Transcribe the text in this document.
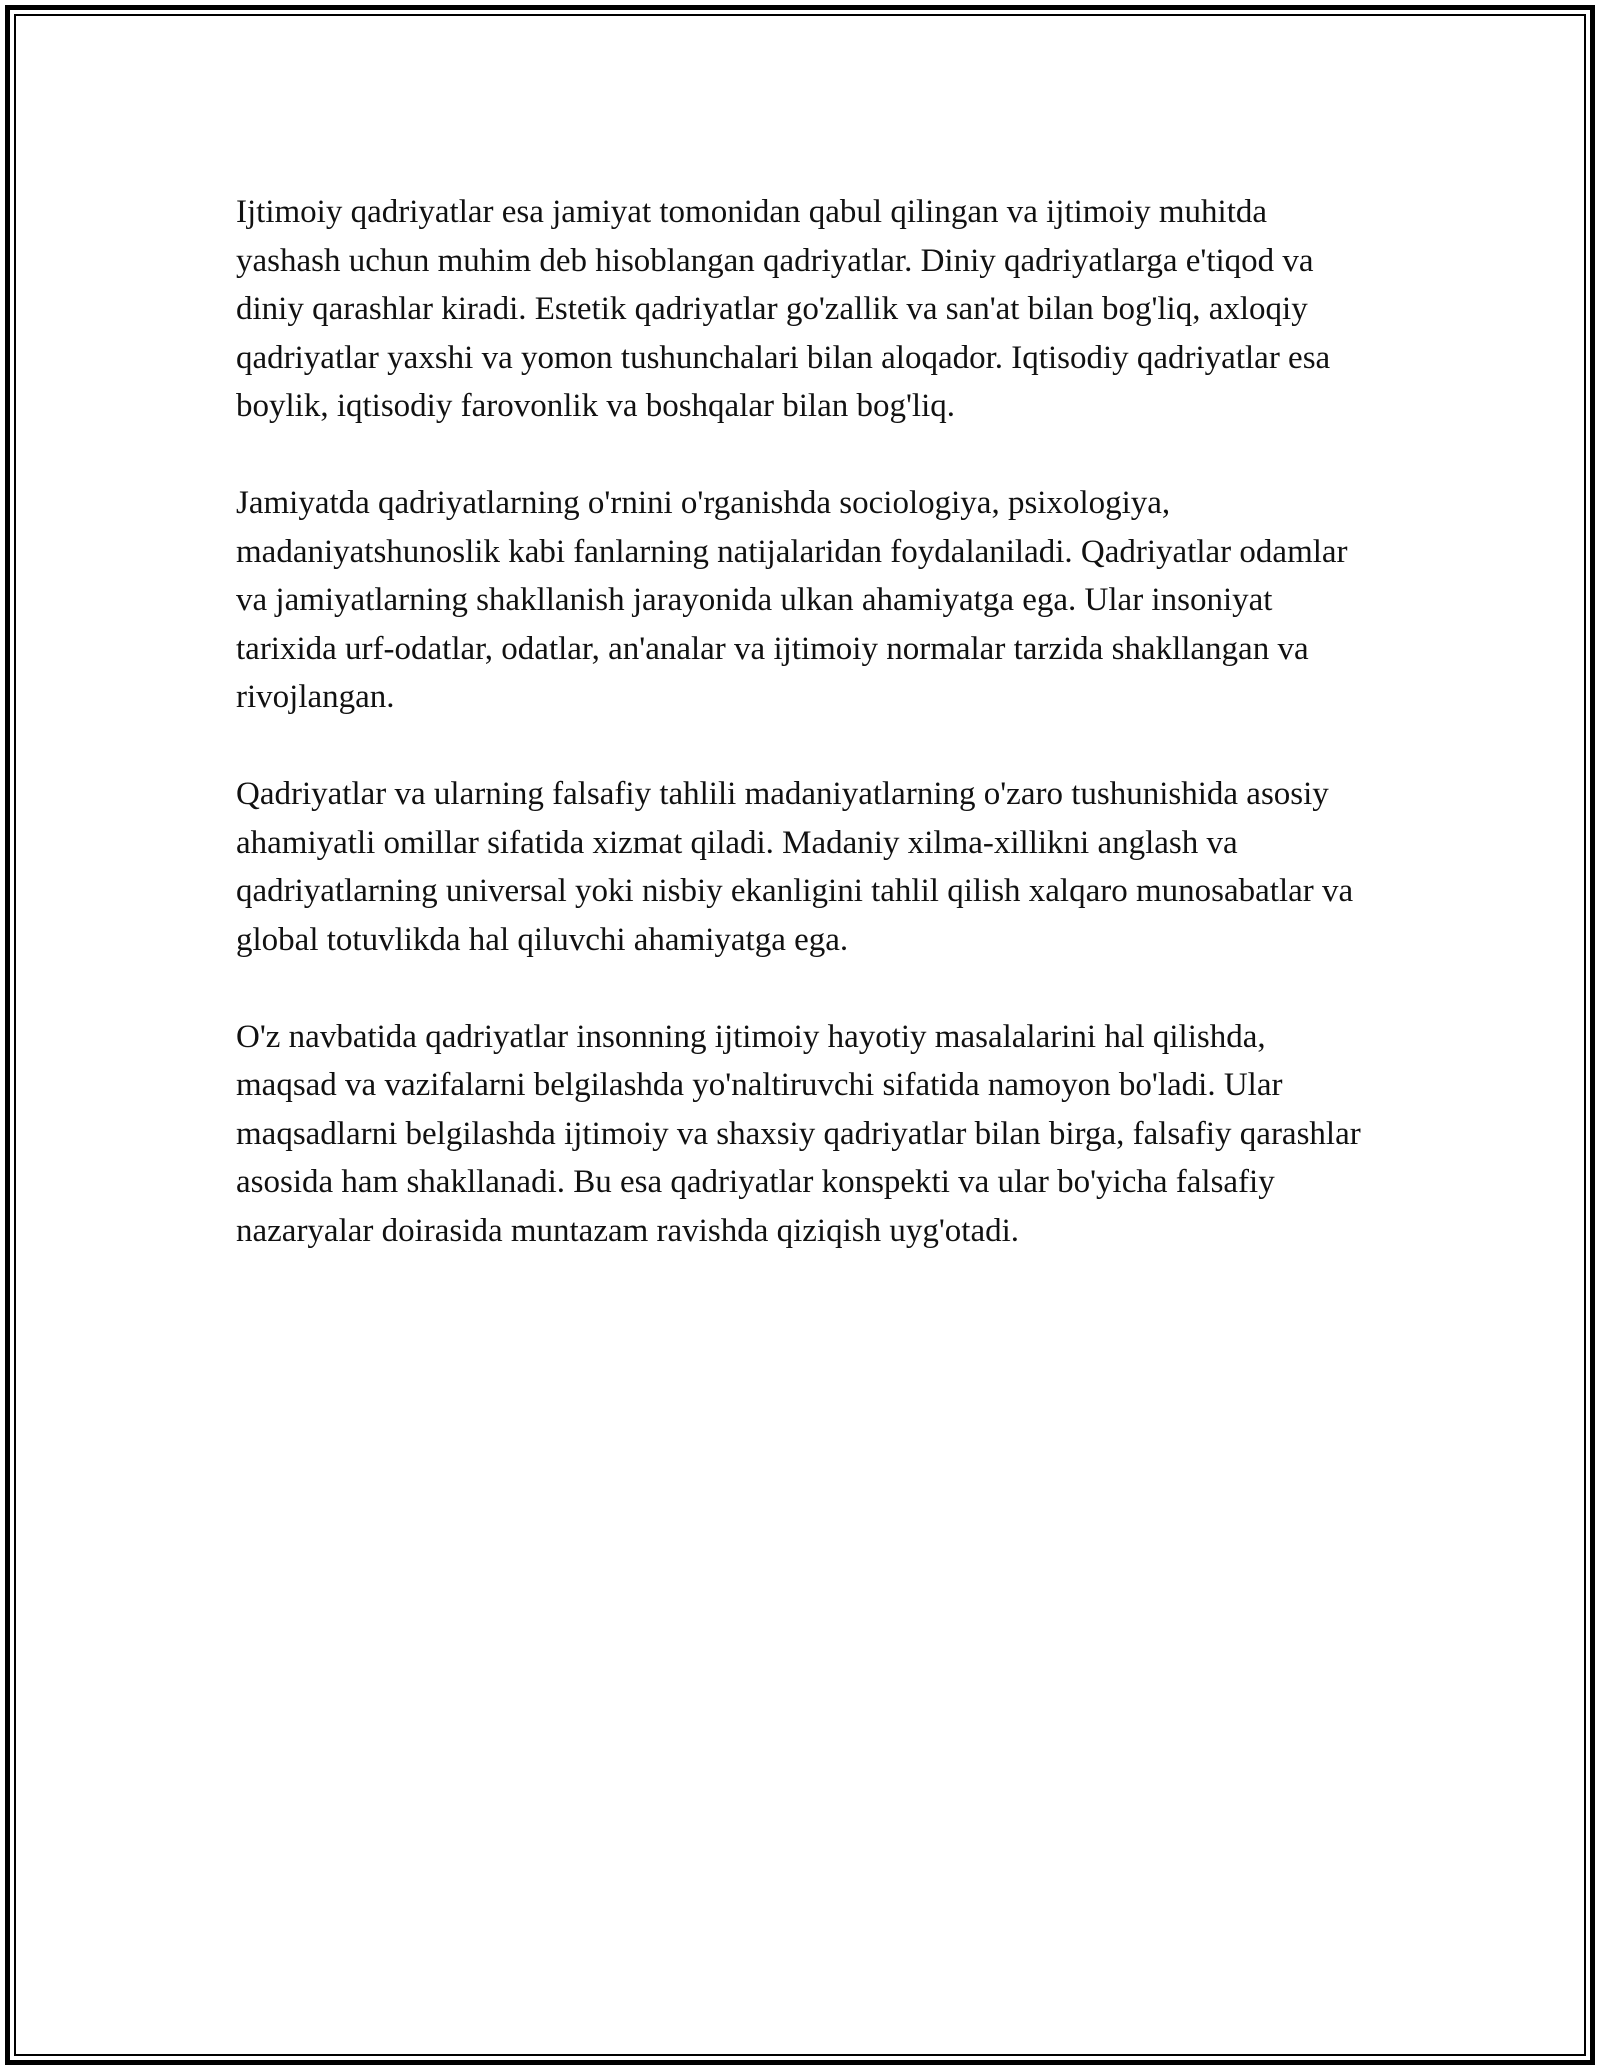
Ijtimoiy qadriyatlar esa jamiyat tomonidan qabul qilingan va ijtimoiy muhitda yashash uchun muhim deb hisoblangan qadriyatlar. Diniy qadriyatlarga e'tiqod va diniy qarashlar kiradi. Estetik qadriyatlar go'zallik va san'at bilan bog'liq, axloqiy qadriyatlar yaxshi va yomon tushunchalari bilan aloqador. Iqtisodiy qadriyatlar esa boylik, iqtisodiy farovonlik va boshqalar bilan bog'liq.

Jamiyatda qadriyatlarning o'rnini o'rganishda sociologiya, psixologiya, madaniyatshunoslik kabi fanlarning natijalaridan foydalaniladi. Qadriyatlar odamlar va jamiyatlarning shakllanish jarayonida ulkan ahamiyatga ega. Ular insoniyat tarixida urf-odatlar, odatlar, an'analar va ijtimoiy normalar tarzida shakllangan va rivojlangan.

Qadriyatlar va ularning falsafiy tahlili madaniyatlarning o'zaro tushunishida asosiy ahamiyatli omillar sifatida xizmat qiladi. Madaniy xilma-xillikni anglash va qadriyatlarning universal yoki nisbiy ekanligini tahlil qilish xalqaro munosabatlar va global totuvlikda hal qiluvchi ahamiyatga ega.

O'z navbatida qadriyatlar insonning ijtimoiy hayotiy masalalarini hal qilishda, maqsad va vazifalarni belgilashda yo'naltiruvchi sifatida namoyon bo'ladi. Ular maqsadlarni belgilashda ijtimoiy va shaxsiy qadriyatlar bilan birga, falsafiy qarashlar asosida ham shakllanadi. Bu esa qadriyatlar konspekti va ular bo'yicha falsafiy nazaryalar doirasida muntazam ravishda qiziqish uyg'otadi.
